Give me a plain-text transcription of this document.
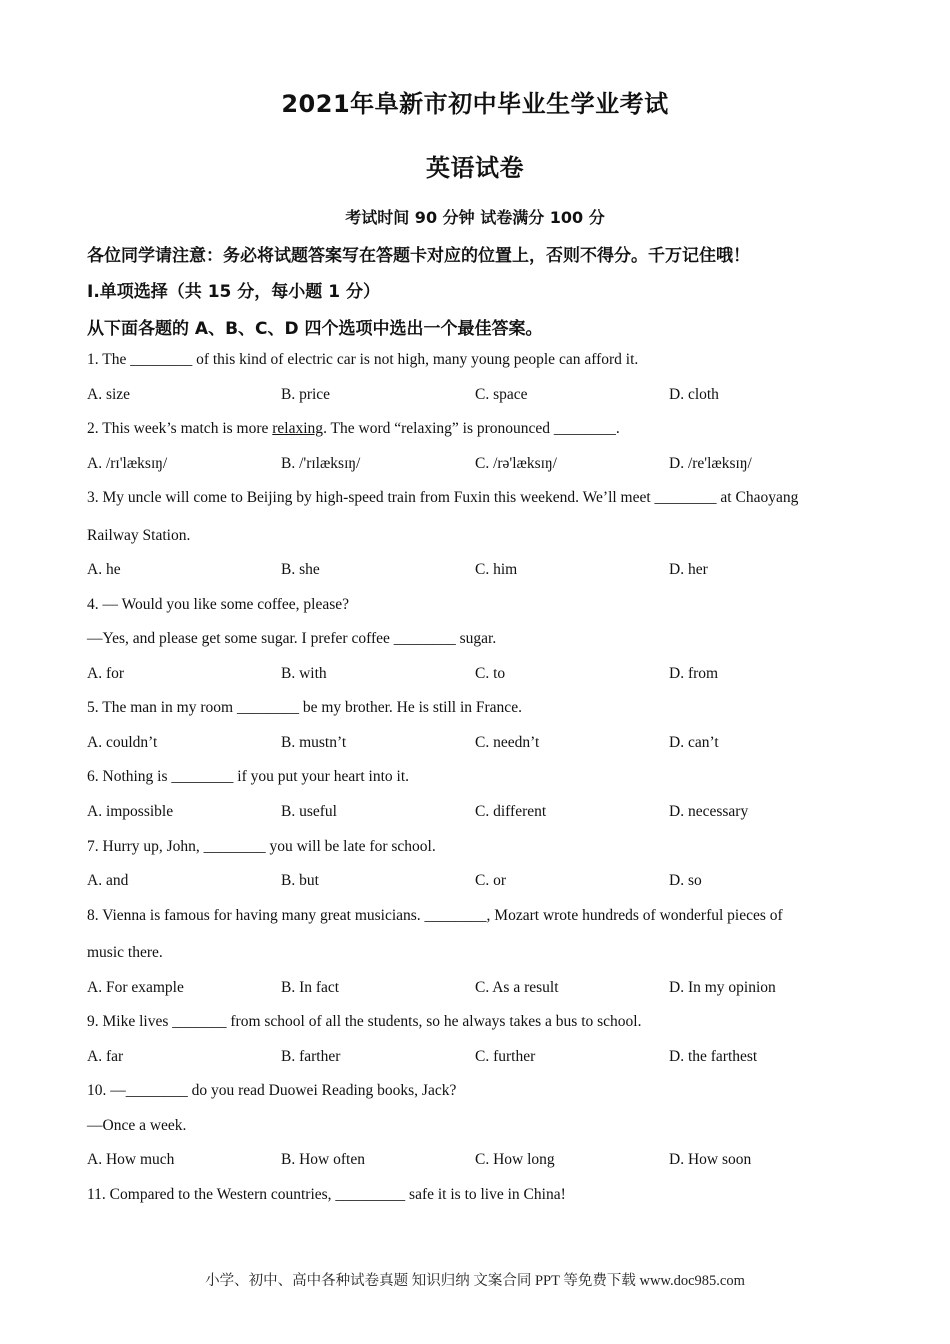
2021年阜新市初中毕业生学业考试
英语试卷
考试时间 90 分钟 试卷满分 100 分
各位同学请注意：务必将试题答案写在答题卡对应的位置上，否则不得分。千万记住哦！
I.单项选择（共 15 分，每小题 1 分）
从下面各题的 A、B、C、D 四个选项中选出一个最佳答案。
1. The ________ of this kind of electric car is not high, many young people can afford it.
A. size	B. price	C. space	D. cloth
2. This week’s match is more relaxing. The word “relaxing” is pronounced ________.
A. /rɪ'læksɪŋ/	B. /'rɪlæksɪŋ/	C. /rə'læksɪŋ/	D. /re'læksɪŋ/
3. My uncle will come to Beijing by high-speed train from Fuxin this weekend. We’ll meet ________ at Chaoyang
Railway Station.
A. he	B. she	C. him	D. her
4. — Would you like some coffee, please?
—Yes, and please get some sugar. I prefer coffee ________ sugar.
A. for	B. with	C. to	D. from
5. The man in my room ________ be my brother. He is still in France.
A. couldn’t	B. mustn’t	C. needn’t	D. can’t
6. Nothing is ________ if you put your heart into it.
A. impossible	B. useful	C. different	D. necessary
7. Hurry up, John, ________ you will be late for school.
A. and	B. but	C. or	D. so
8. Vienna is famous for having many great musicians. ________, Mozart wrote hundreds of wonderful pieces of
music there.
A. For example	B. In fact	C. As a result	D. In my opinion
9. Mike lives _______ from school of all the students, so he always takes a bus to school.
A. far	B. farther	C. further	D. the farthest
10. —________ do you read Duowei Reading books, Jack?
—Once a week.
A. How much	B. How often	C. How long	D. How soon
11. Compared to the Western countries, _________ safe it is to live in China!
小学、初中、高中各种试卷真题 知识归纳 文案合同 PPT 等免费下载 www.doc985.com
